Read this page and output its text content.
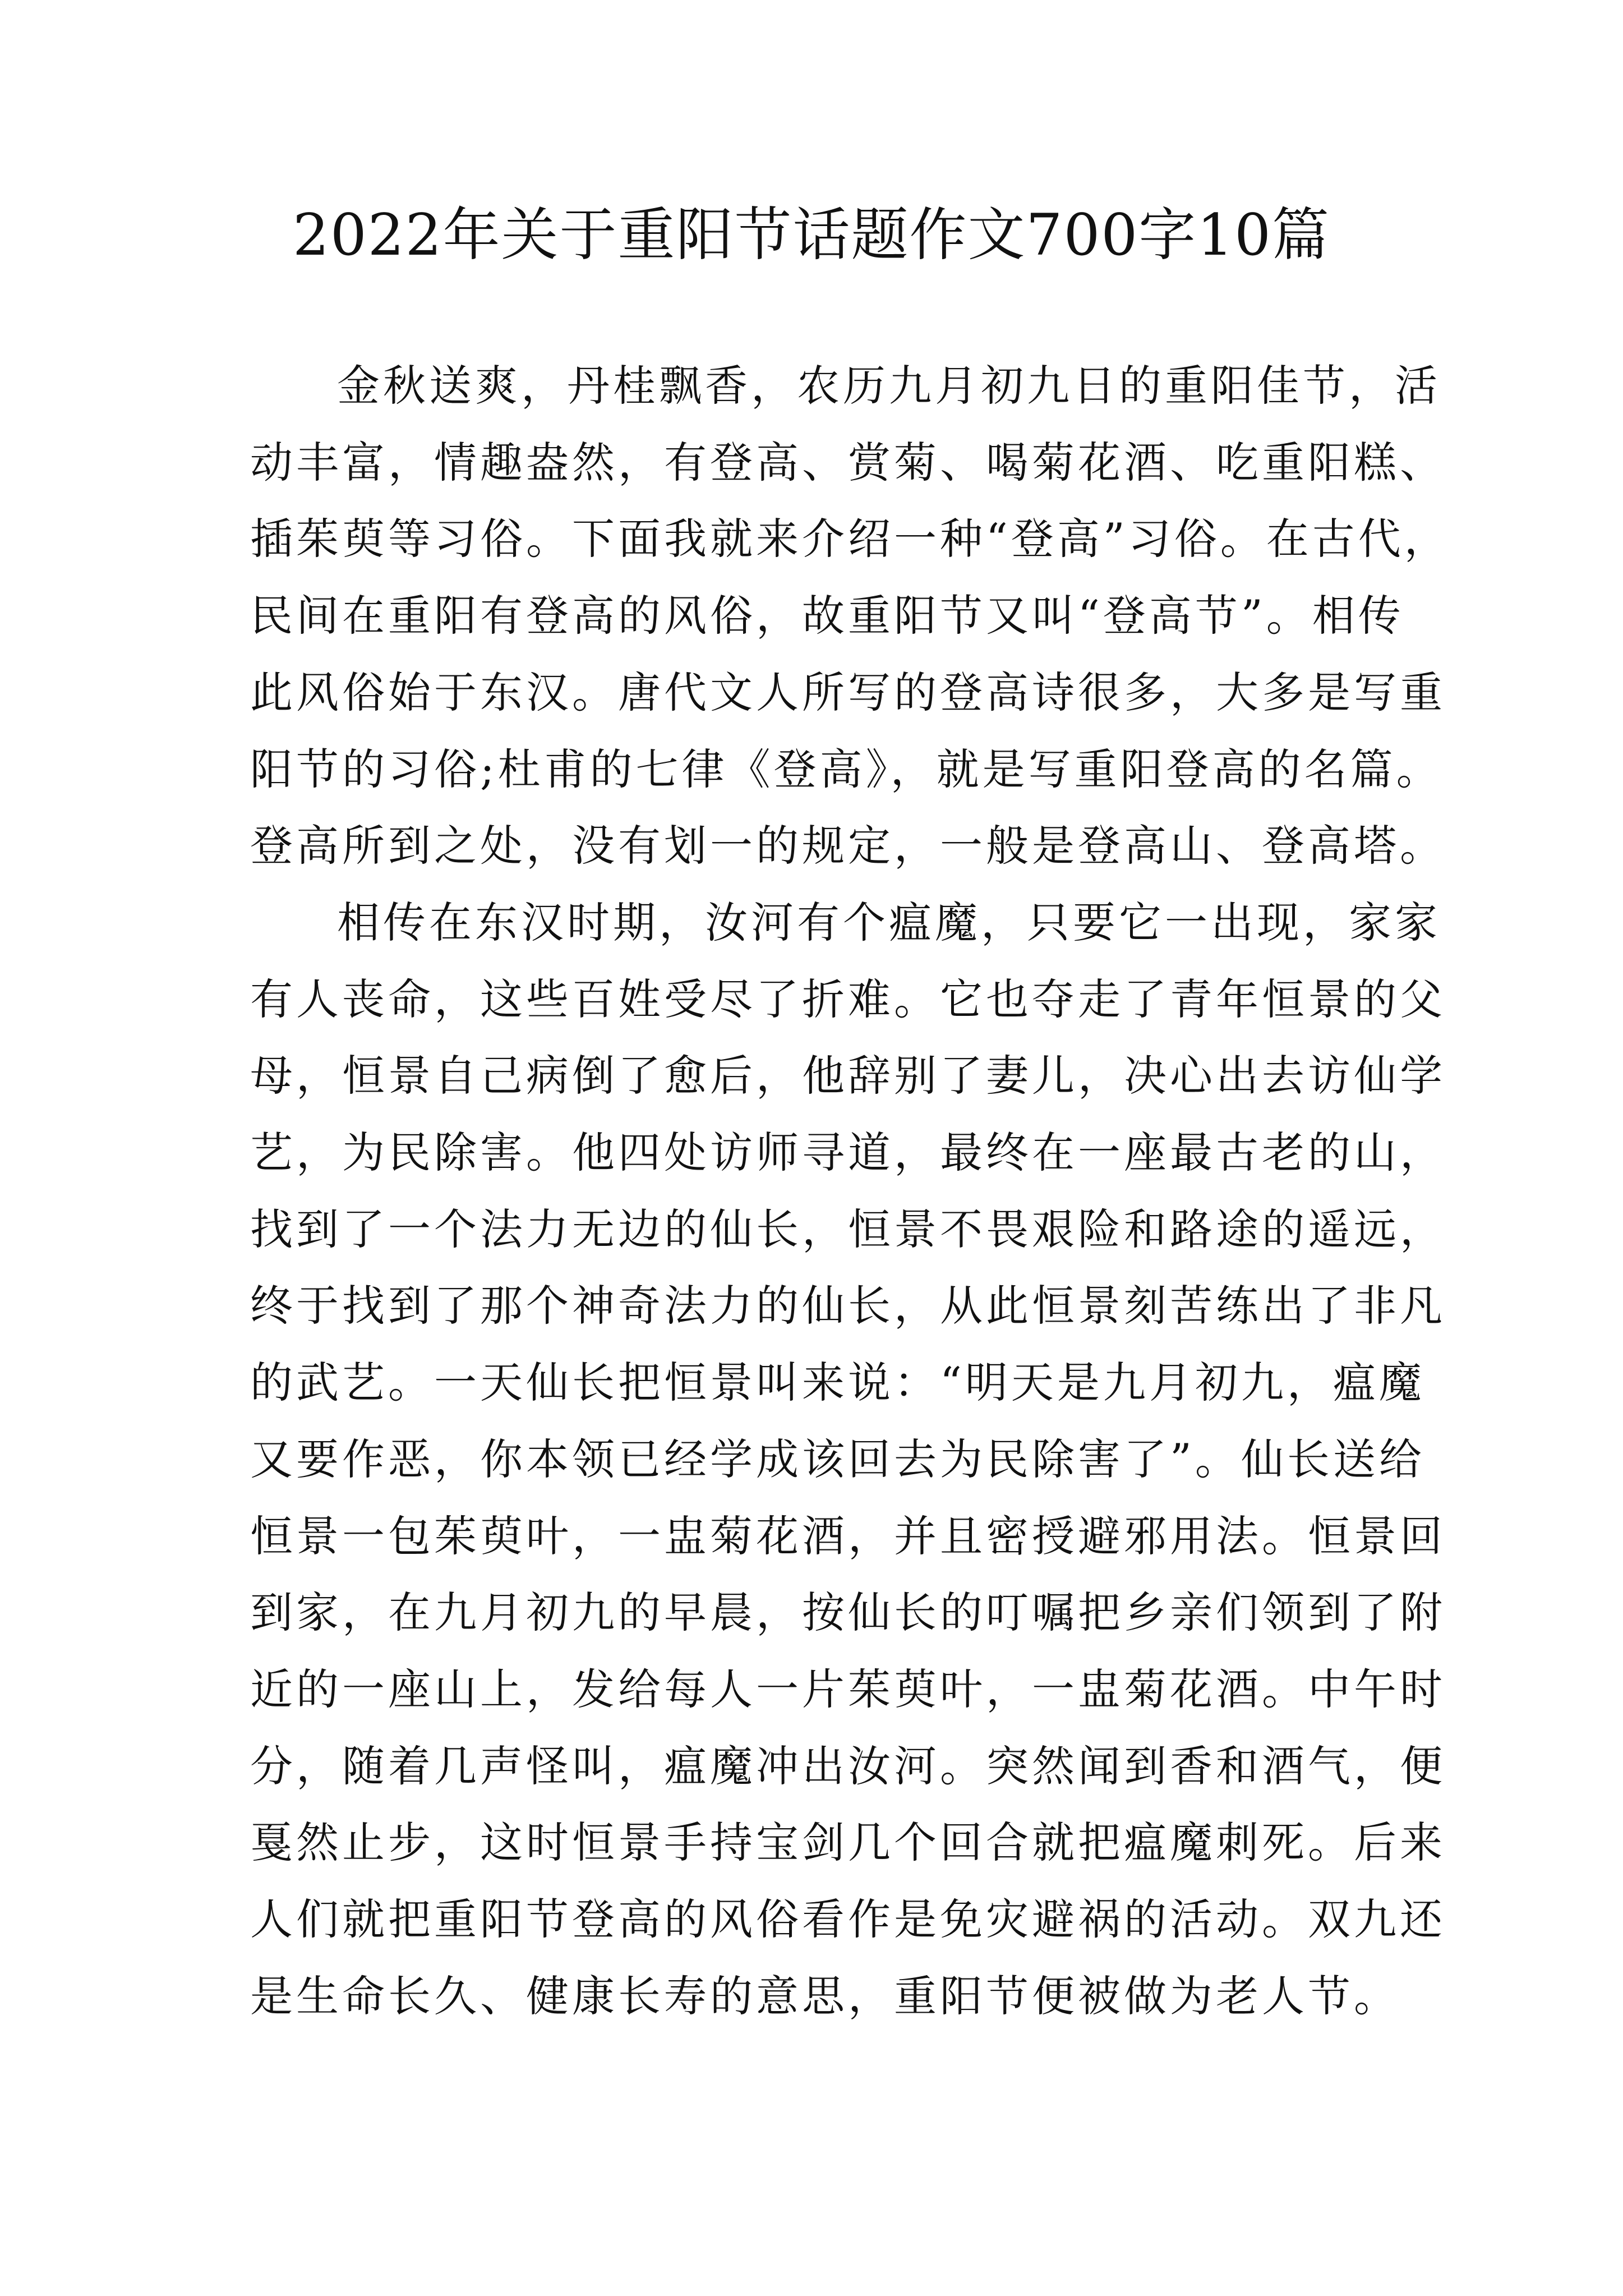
2022年关于重阳节话题作文700字10篇
金秋送爽，丹桂飘香，农历九月初九日的重阳佳节，活
动丰富，情趣盎然，有登高、赏菊、喝菊花酒、吃重阳糕、
插茱萸等习俗。下面我就来介绍一种“登高”习俗。在古代，
民间在重阳有登高的风俗，故重阳节又叫“登高节”。相传
此风俗始于东汉。唐代文人所写的登高诗很多，大多是写重
阳节的习俗;杜甫的七律《登高》，就是写重阳登高的名篇。
登高所到之处，没有划一的规定，一般是登高山、登高塔。
相传在东汉时期，汝河有个瘟魔，只要它一出现，家家
有人丧命，这些百姓受尽了折难。它也夺走了青年恒景的父
母，恒景自己病倒了愈后，他辞别了妻儿，决心出去访仙学
艺，为民除害。他四处访师寻道，最终在一座最古老的山，
找到了一个法力无边的仙长，恒景不畏艰险和路途的遥远，
终于找到了那个神奇法力的仙长，从此恒景刻苦练出了非凡
的武艺。一天仙长把恒景叫来说：“明天是九月初九，瘟魔
又要作恶，你本领已经学成该回去为民除害了”。仙长送给
恒景一包茱萸叶，一盅菊花酒，并且密授避邪用法。恒景回
到家，在九月初九的早晨，按仙长的叮嘱把乡亲们领到了附
近的一座山上，发给每人一片茱萸叶，一盅菊花酒。中午时
分，随着几声怪叫，瘟魔冲出汝河。突然闻到香和酒气，便
戛然止步，这时恒景手持宝剑几个回合就把瘟魔刺死。后来
人们就把重阳节登高的风俗看作是免灾避祸的活动。双九还
是生命长久、健康长寿的意思，重阳节便被做为老人节。
